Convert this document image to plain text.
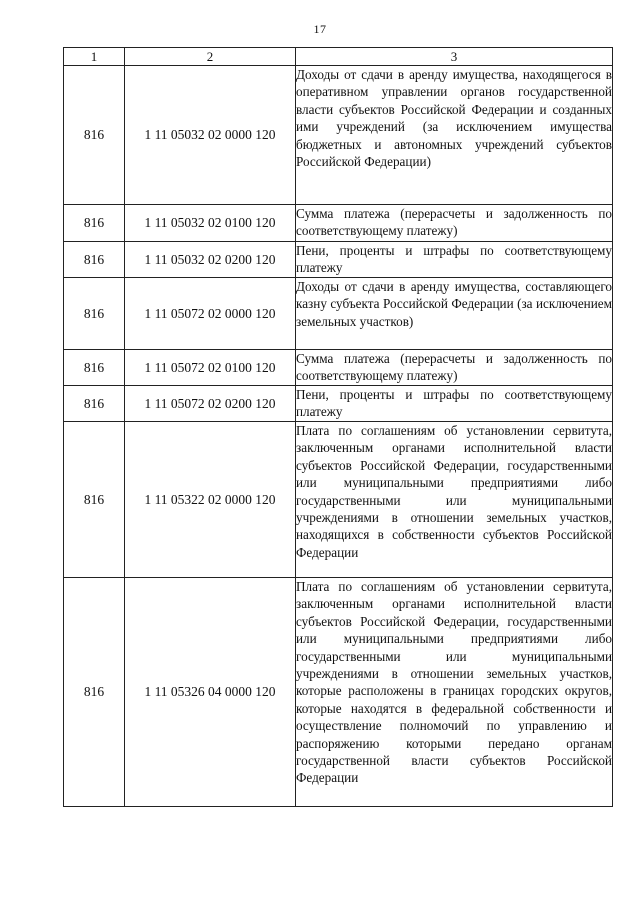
17
1	2	3
816	1 11 05032 02 0000 120	Доходы от сдачи в аренду имущества, находящегося в оперативном управлении органов государственной власти субъектов Российской Федерации и созданных ими учреждений (за исключением имущества бюджетных и автономных учреждений субъектов Российской Федерации)
816	1 11 05032 02 0100 120	Сумма платежа (перерасчеты и задолженность по соответствующему платежу)
816	1 11 05032 02 0200 120	Пени, проценты и штрафы по соответствующему платежу
816	1 11 05072 02 0000 120	Доходы от сдачи в аренду имущества, составляющего казну субъекта Российской Федерации (за исключением земельных участков)
816	1 11 05072 02 0100 120	Сумма платежа (перерасчеты и задолженность по соответствующему платежу)
816	1 11 05072 02 0200 120	Пени, проценты и штрафы по соответствующему платежу
816	1 11 05322 02 0000 120	Плата по соглашениям об установлении сервитута, заключенным органами исполнительной власти субъектов Российской Федерации, государственными или муниципальными предприятиями либо государственными или муниципальными учреждениями в отношении земельных участков, находящихся в собственности субъектов Российской Федерации
816	1 11 05326 04 0000 120	Плата по соглашениям об установлении сервитута, заключенным органами исполнительной власти субъектов Российской Федерации, государственными или муниципальными предприятиями либо государственными или муниципальными учреждениями в отношении земельных участков, которые расположены в границах городских округов, которые находятся в федеральной собственности и осуществление полномочий по управлению и распоряжению которыми передано органам государственной власти субъектов Российской Федерации
